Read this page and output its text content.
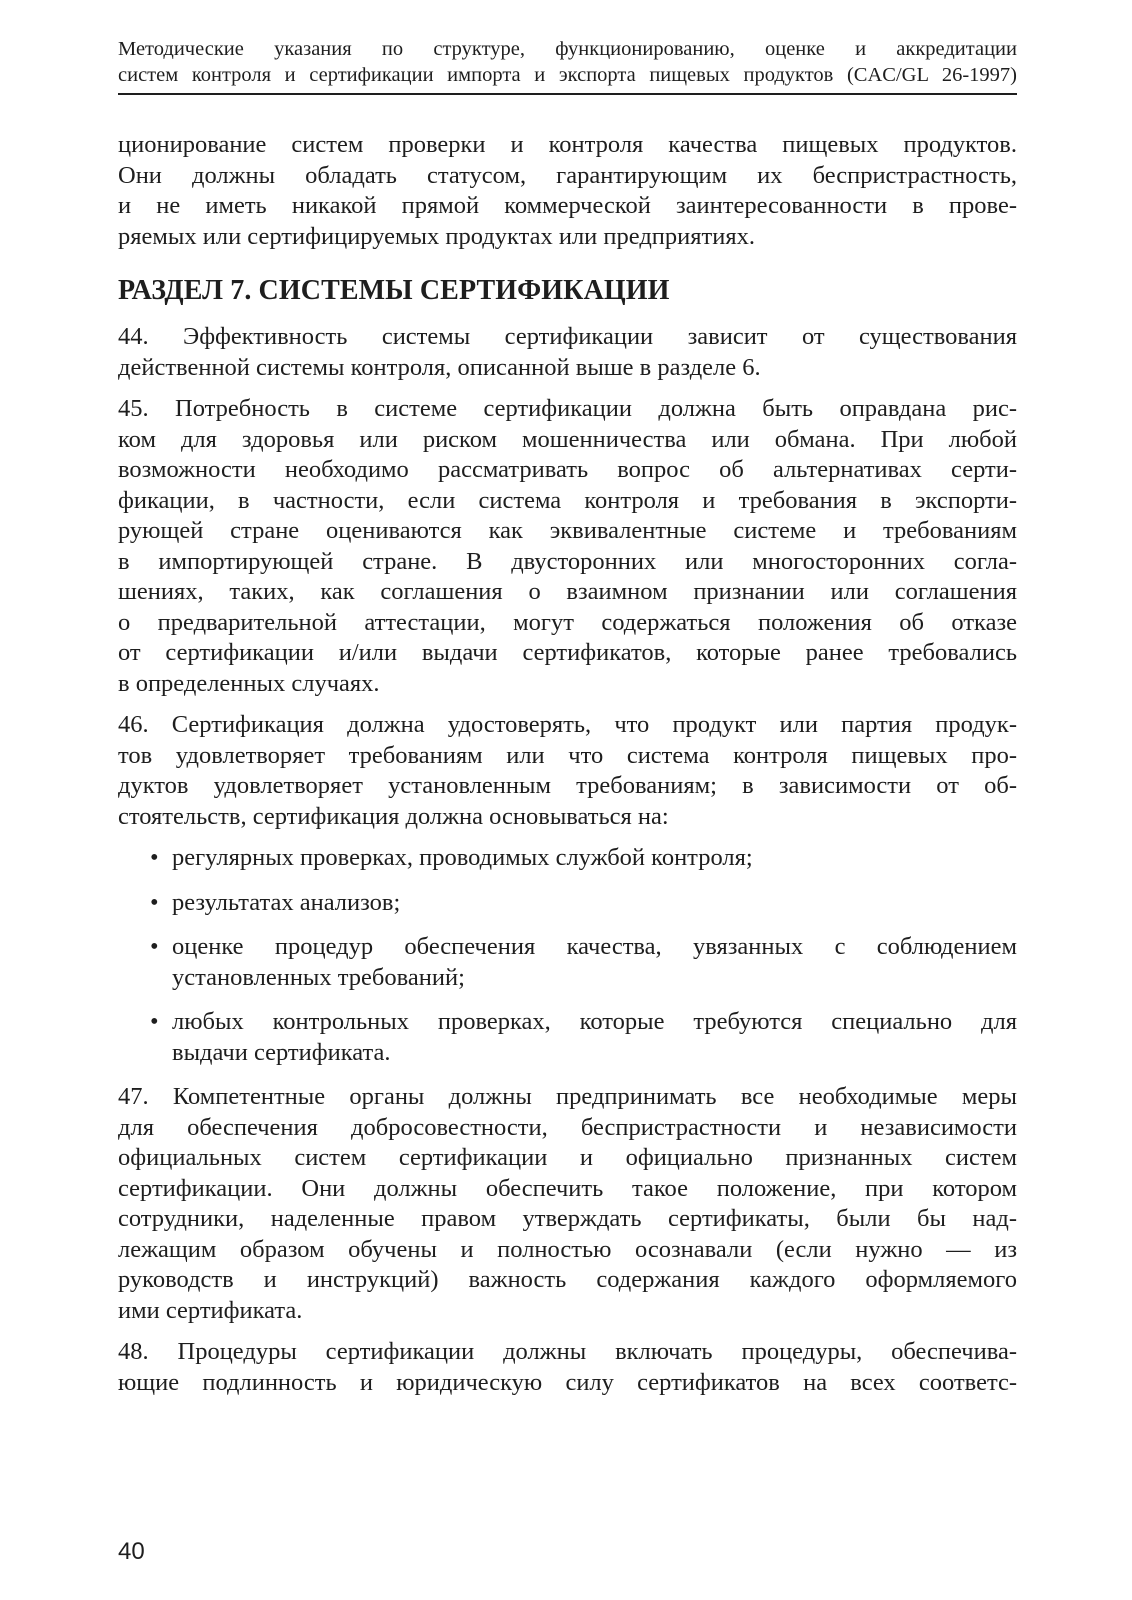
Методические указания по структуре, функционированию, оценке и аккредитации
систем контроля и сертификации импорта и экспорта пищевых продуктов (CAC/GL 26-1997)
ционирование систем проверки и контроля качества пищевых продуктов.
Они должны обладать статусом, гарантирующим их беспристрастность,
и не иметь никакой прямой коммерческой заинтересованности в прове-
ряемых или сертифицируемых продуктах или предприятиях.
РАЗДЕЛ 7. СИСТЕМЫ СЕРТИФИКАЦИИ
44. Эффективность системы сертификации зависит от существования
действенной системы контроля, описанной выше в разделе 6.
45. Потребность в системе сертификации должна быть оправдана рис-
ком для здоровья или риском мошенничества или обмана. При любой
возможности необходимо рассматривать вопрос об альтернативах серти-
фикации, в частности, если система контроля и требования в экспорти-
рующей стране оцениваются как эквивалентные системе и требованиям
в импортирующей стране. В двусторонних или многосторонних согла-
шениях, таких, как соглашения о взаимном признании или соглашения
о предварительной аттестации, могут содержаться положения об отказе
от сертификации и/или выдачи сертификатов, которые ранее требовались
в определенных случаях.
46. Сертификация должна удостоверять, что продукт или партия продук-
тов удовлетворяет требованиям или что система контроля пищевых про-
дуктов удовлетворяет установленным требованиям; в зависимости от об-
стоятельств, сертификация должна основываться на:
• регулярных проверках, проводимых службой контроля;
• результатах анализов;
• оценке процедур обеспечения качества, увязанных с соблюдением
установленных требований;
• любых контрольных проверках, которые требуются специально для
выдачи сертификата.
47. Компетентные органы должны предпринимать все необходимые меры
для обеспечения добросовестности, беспристрастности и независимости
официальных систем сертификации и официально признанных систем
сертификации. Они должны обеспечить такое положение, при котором
сотрудники, наделенные правом утверждать сертификаты, были бы над-
лежащим образом обучены и полностью осознавали (если нужно — из
руководств и инструкций) важность содержания каждого оформляемого
ими сертификата.
48. Процедуры сертификации должны включать процедуры, обеспечива-
ющие подлинность и юридическую силу сертификатов на всех соответс-
40
